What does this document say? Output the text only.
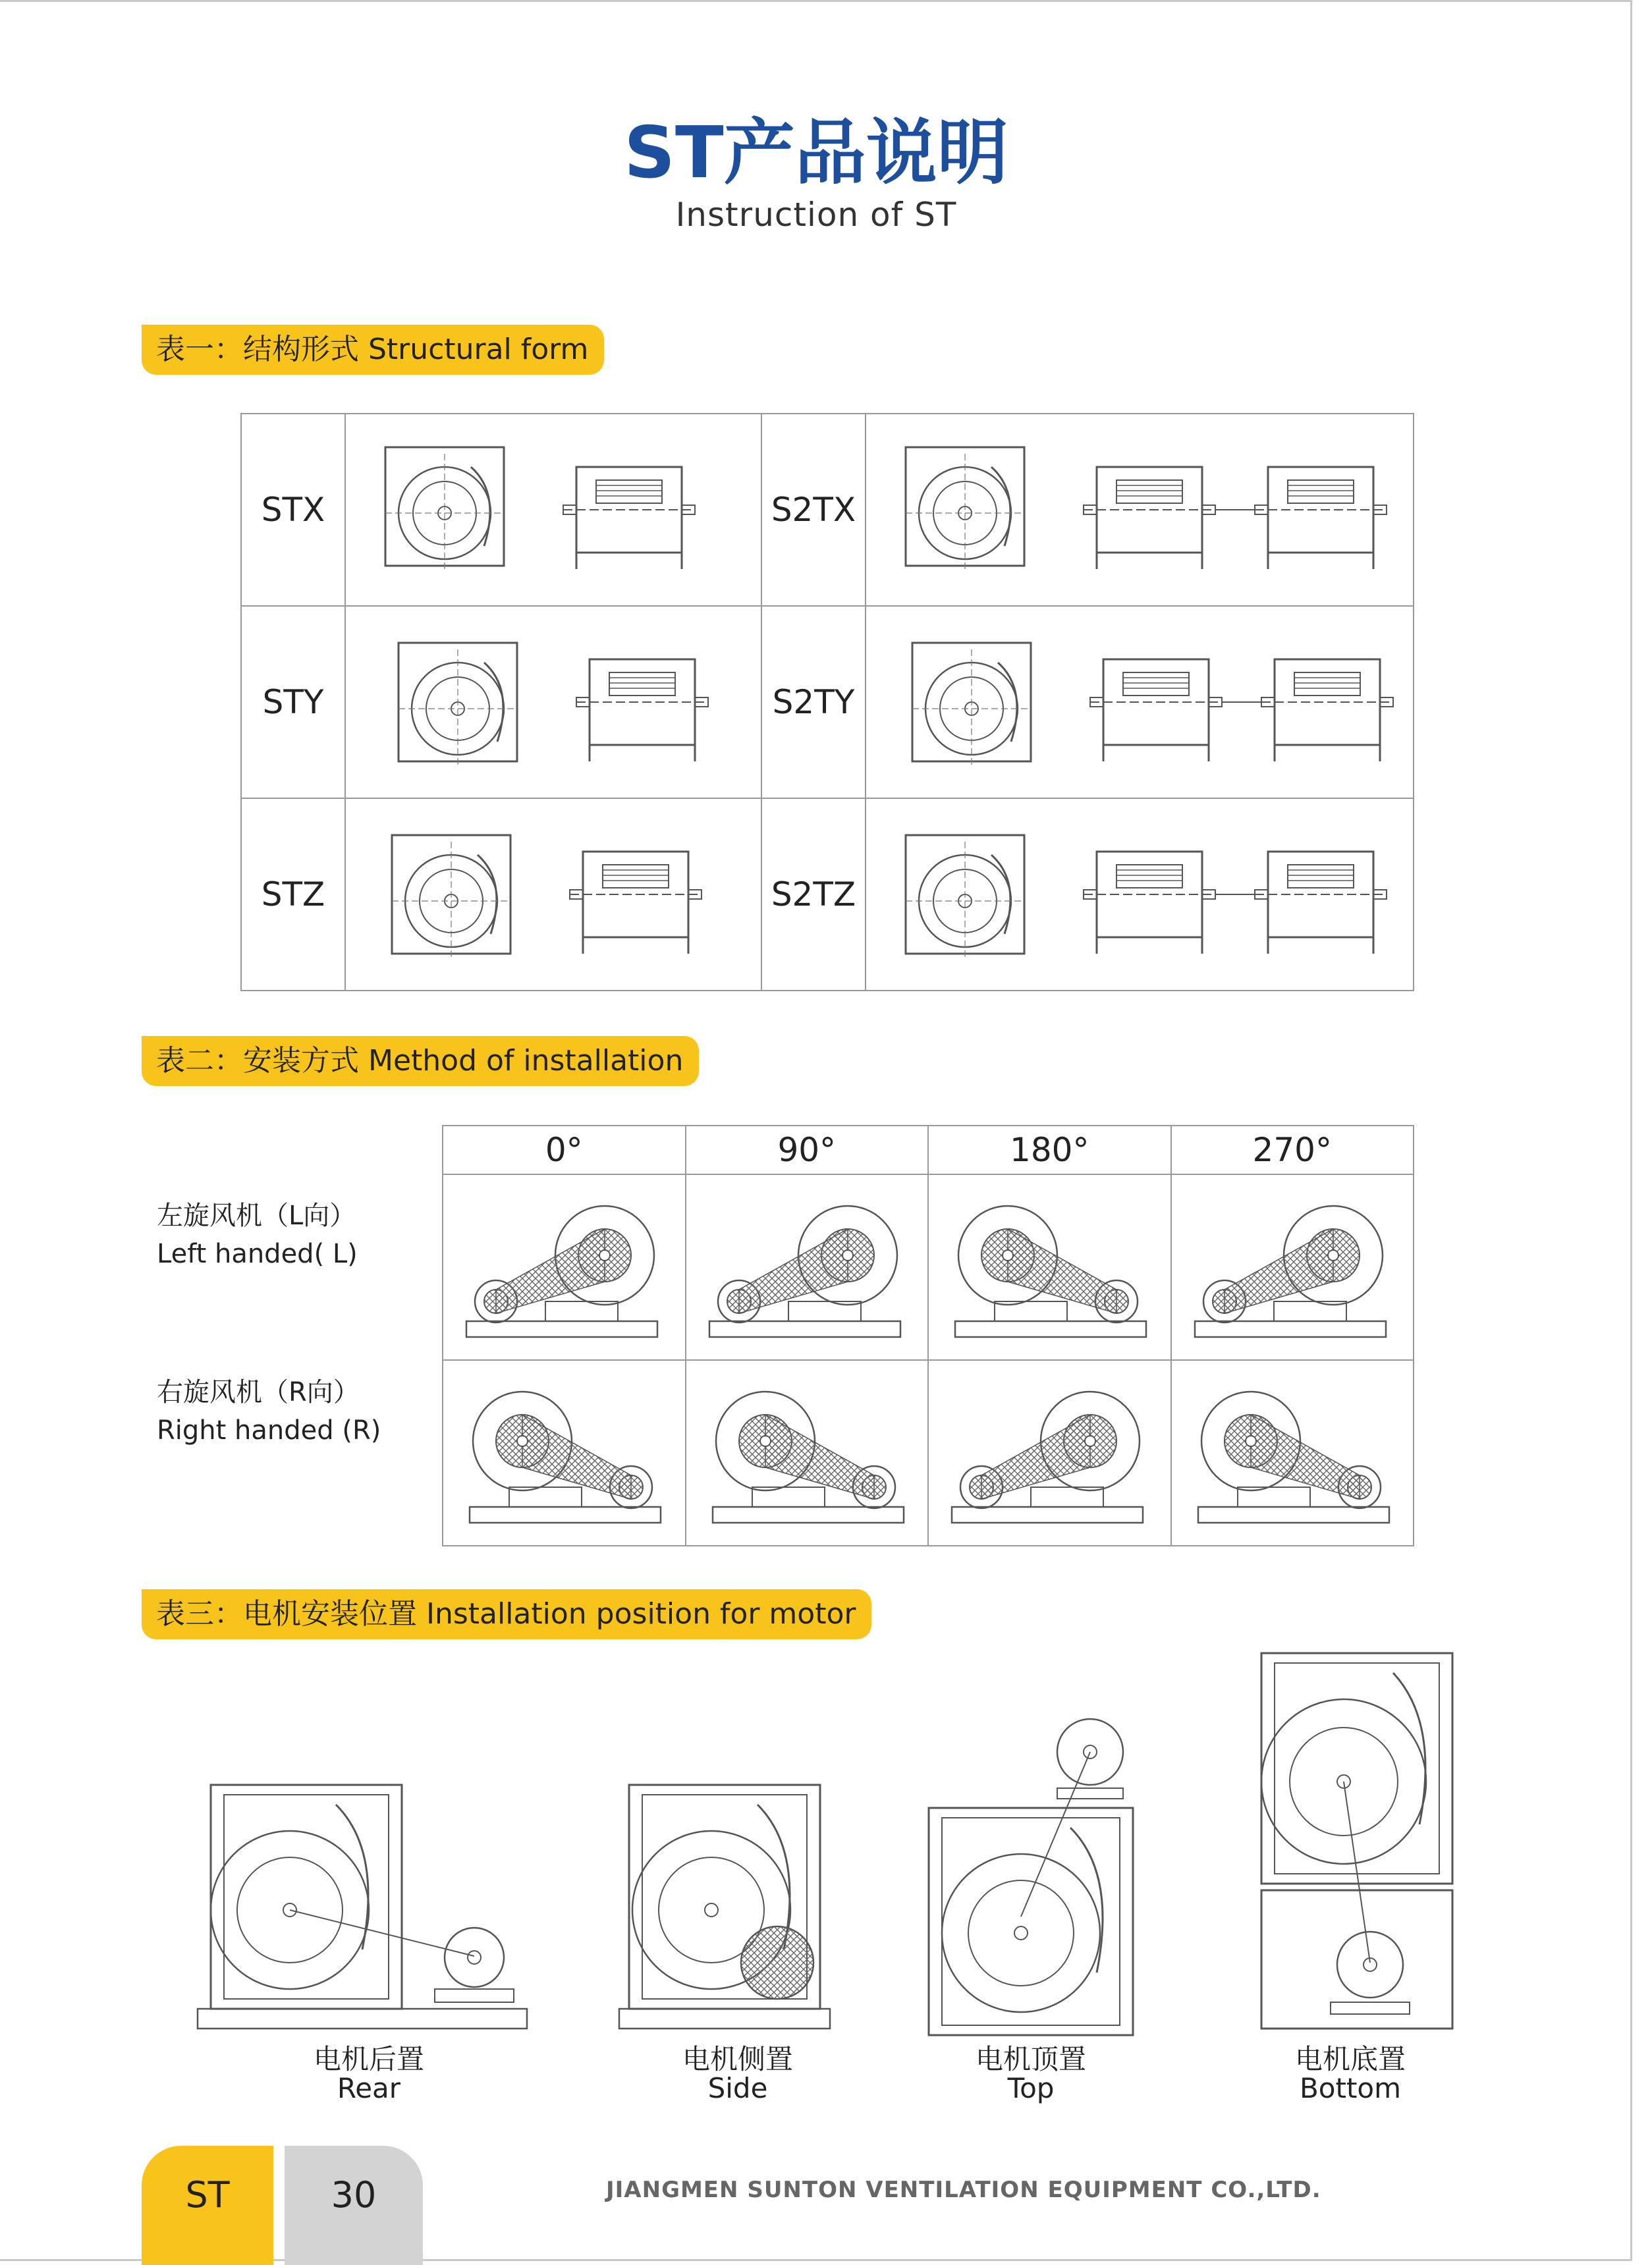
ST产品说明
Instruction of ST
表一：结构形式 Structural form
STX		S2TX	

STY		S2TY	

STZ		S2TZ	
表二：安装方式 Method of installation
左旋风机（L向）
Left handed( L)
右旋风机（R向）
Right handed (R)
0°	90°	180°	270°

表三：电机安装位置 Installation position for motor
电机后置
Rear
电机侧置
Side
电机顶置
Top
电机底置
Bottom
ST	30	JIANGMEN SUNTON VENTILATION EQUIPMENT CO.,LTD.
